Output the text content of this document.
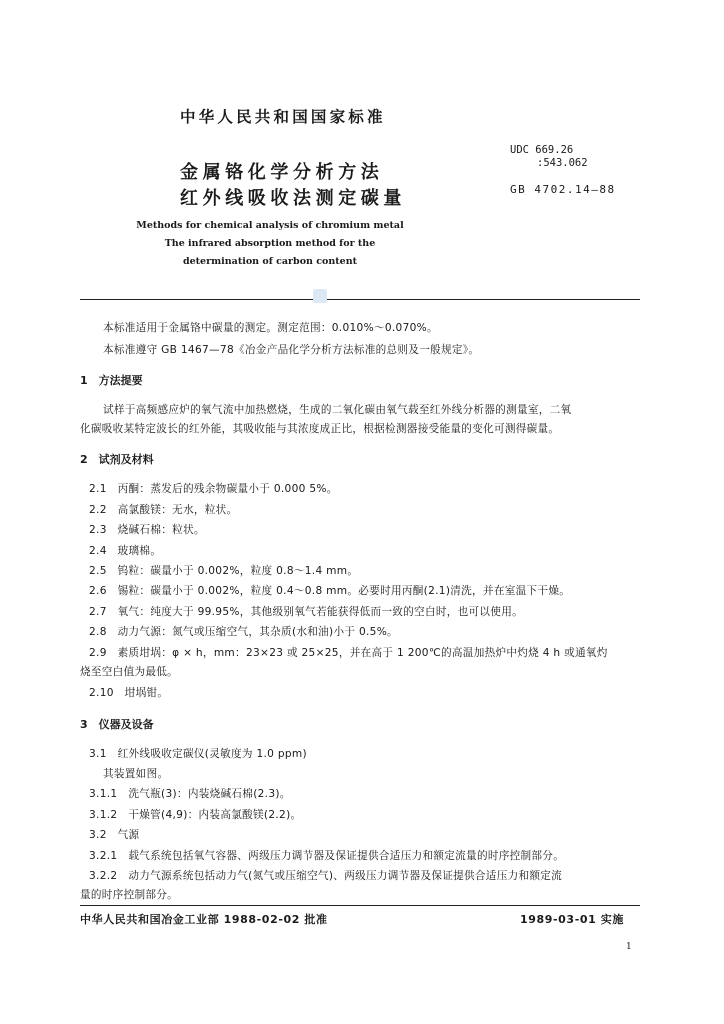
中华人民共和国国家标准
金属铬化学分析方法
红外线吸收法测定碳量
UDC 669.26
:543.062
GB 4702.14—88
Methods for chemical analysis of chromium metal
The infrared absorption method for the
determination of carbon content
本标准适用于金属铬中碳量的测定。测定范围：0.010%～0.070%。
本标准遵守 GB 1467—78《冶金产品化学分析方法标准的总则及一般规定》。
1　方法提要
试样于高频感应炉的氧气流中加热燃烧，生成的二氧化碳由氧气载至红外线分析器的测量室，二氧
化碳吸收某特定波长的红外能，其吸收能与其浓度成正比，根据检测器接受能量的变化可测得碳量。
2　试剂及材料
2.1　丙酮：蒸发后的残余物碳量小于 0.000 5%。
2.2　高氯酸镁：无水，粒状。
2.3　烧碱石棉：粒状。
2.4　玻璃棉。
2.5　钨粒：碳量小于 0.002%，粒度 0.8～1.4 mm。
2.6　锡粒：碳量小于 0.002%，粒度 0.4～0.8 mm。必要时用丙酮(2.1)清洗，并在室温下干燥。
2.7　氧气：纯度大于 99.95%，其他级别氧气若能获得低而一致的空白时，也可以使用。
2.8　动力气源：氮气或压缩空气，其杂质(水和油)小于 0.5%。
2.9　素质坩埚：φ × h，mm：23×23 或 25×25，并在高于 1 200℃的高温加热炉中灼烧 4 h 或通氧灼
烧至空白值为最低。
2.10　坩埚钳。
3　仪器及设备
3.1　红外线吸收定碳仪(灵敏度为 1.0 ppm)
其装置如图。
3.1.1　洗气瓶(3)：内装烧碱石棉(2.3)。
3.1.2　干燥管(4,9)：内装高氯酸镁(2.2)。
3.2　气源
3.2.1　载气系统包括氧气容器、两级压力调节器及保证提供合适压力和额定流量的时序控制部分。
3.2.2　动力气源系统包括动力气(氮气或压缩空气)、两级压力调节器及保证提供合适压力和额定流
量的时序控制部分。
中华人民共和国冶金工业部 1988-02-02 批准	1989-03-01 实施
1
